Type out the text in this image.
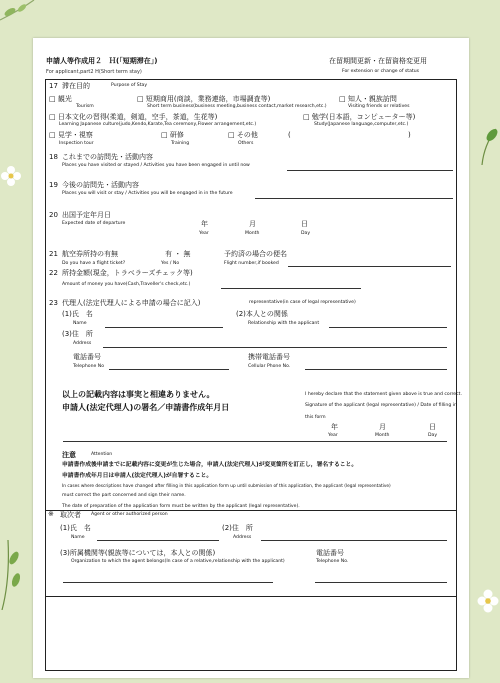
申請人等作成用２　Ｈ(「短期滞在」)
For applicant,part2 H(Short term stay)
在留期間更新・在留資格変更用
For extension or change of status
17 滞在目的	Purpose of Stay
□ 観光
Tourism
□ 短期商用(商談，業務連絡，市場調査等)
Short term business(business meeting,business contact,market research,etc.)
□ 知人・親族訪問
Visiting friends or relatives
□ 日本文化の習得(柔道，剣道，空手，茶道，生花等)
Learning Japanese culture(judo,Kendo,Karate,Tea ceremony,Flower arrangement,etc.)
□ 勉学(日本語，コンピューター等)
Study(Japanese language,computer,etc.)
□ 見学・視察
Inspection tour
□ 研修
Training
□ その他
Others
(	)
18 これまでの訪問先・活動内容
Places you have visited or stayed / Activities you have been engaged in until now
19 今後の訪問先・活動内容
Places you will visit or stay / Activities you will be engaged in in the future
20 出国予定年月日
Expected date of departure	年
Year
月
Month
日
Day
21 航空券所持の有無
Do you have a flight ticket?
有 ・ 無
Yes / No
予約済の場合の便名
Flight number,if booked
22 所持金額(現金，トラベラーズチェック等)
Amount of money you have(Cash,Traveller's check,etc.)
23 代理人(法定代理人による申請の場合に記入)	representative(in case of legal representative)
(1)氏　名
Name
(2)本人との関係
Relationship with the applicant
(3)住　所
Address
電話番号
Telephone No
携帯電話番号
Cellular Phone No.
以上の記載内容は事実と相違ありません。
申請人(法定代理人)の署名／申請書作成年月日
I hereby declare that the statement given above is true and correct.
Signature of the applicant (legal representative) / Date of filling in
this form
年
Year
月
Month
日
Day
注意	Attention
申請書作成後申請までに記載内容に変更が生じた場合，申請人(法定代理人)が変更箇所を訂正し，署名すること。
申請書作成年月日は申請人(法定代理人)が自署すること。
In cases where descriptions have changed after filling in this application form up until submission of this application, the applicant (legal representative)
must correct the part concerned and sign their name.
The date of preparation of the application form must be written by the applicant (legal representative).
※ 取次者 Agent or other authorized person
(1)氏　名
Name
(2)住　所
Address
(3)所属機関等(親族等については，本人との関係)
Organization to which the agent belongs(In case of a relative,relationship with the applicant)
電話番号
Telephone No.
